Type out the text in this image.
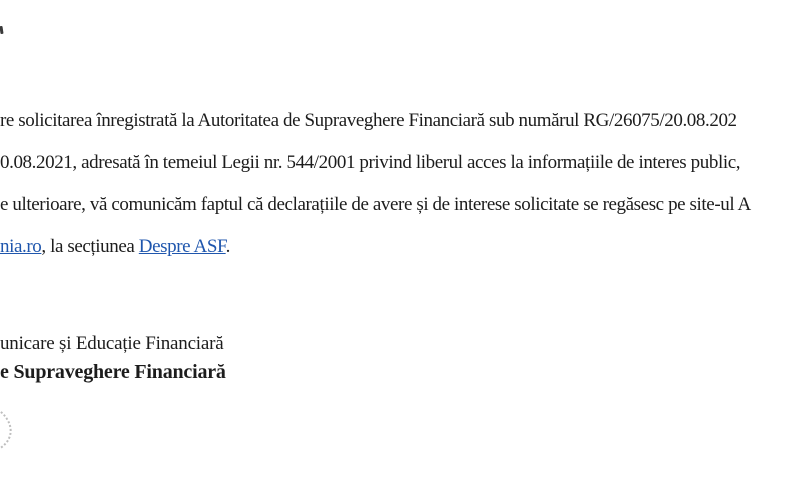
re solicitarea înregistrată la Autoritatea de Supraveghere Financiară sub numărul RG/26075/20.08.202
0.08.2021, adresată în temeiul Legii nr. 544/2001 privind liberul acces la informațiile de interes public,
e ulterioare, vă comunicăm faptul că declarațiile de avere și de interese solicitate se regăsesc pe site-ul A
nia.ro, la secțiunea Despre ASF.
unicare și Educație Financiară
e Supraveghere Financiară
